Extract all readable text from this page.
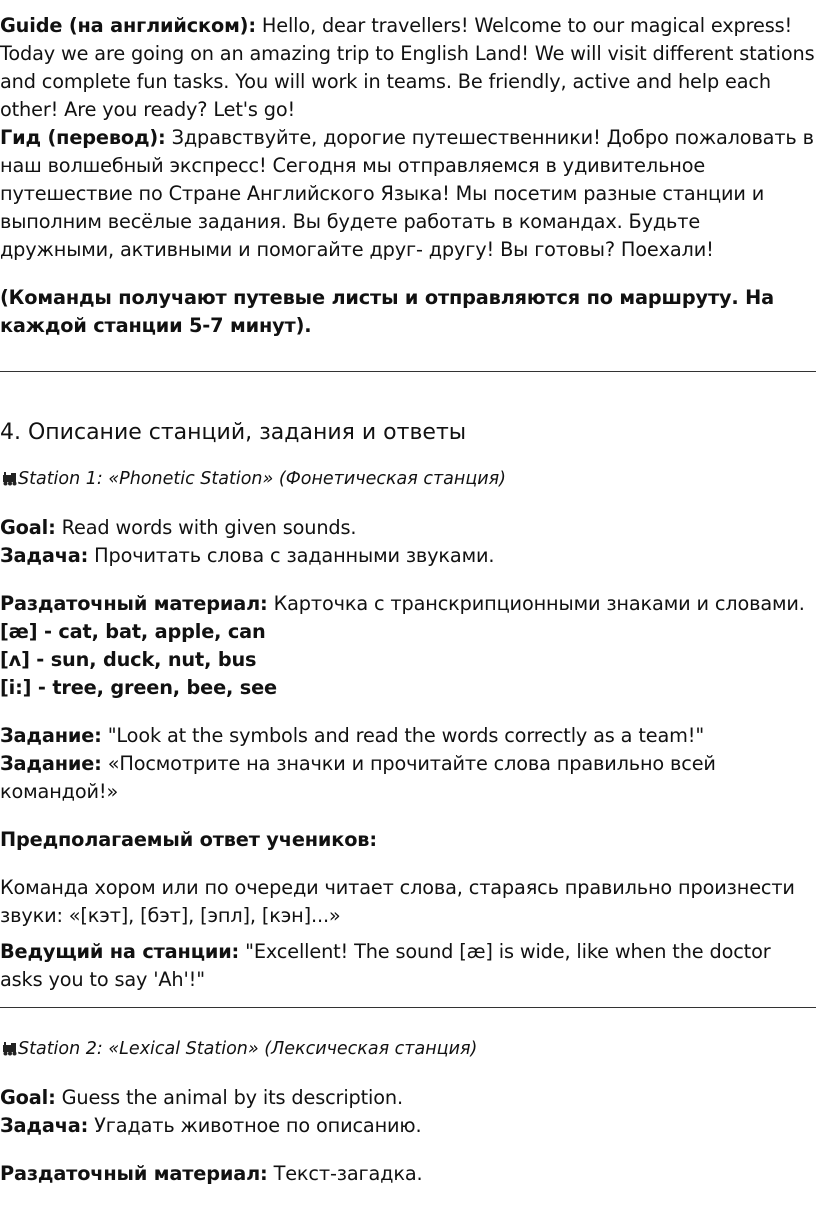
Guide (на английском): Hello, dear travellers! Welcome to our magical express! Today we are going on an amazing trip to English Land! We will visit different stations and complete fun tasks. You will work in teams. Be friendly, active and help each other! Are you ready? Let's go!

Гид (перевод): Здравствуйте, дорогие путешественники! Добро пожаловать в наш волшебный экспресс! Сегодня мы отправляемся в удивительное путешествие по Стране Английского Языка! Мы посетим разные станции и выполним весёлые задания. Вы будете работать в командах. Будьте дружными, активными и помогайте друг- другу! Вы готовы? Поехали!

(Команды получают путевые листы и отправляются по маршруту. На каждой станции 5-7 минут).

4. Описание станций, задания и ответы

Station 1: «Phonetic Station» (Фонетическая станция)

Goal: Read words with given sounds.

Задача: Прочитать слова с заданными звуками.

Раздаточный материал: Карточка с транскрипционными знаками и словами.

[æ] - cat, bat, apple, can

[ʌ] - sun, duck, nut, bus

[i:] - tree, green, bee, see

Задание: "Look at the symbols and read the words correctly as a team!"

Задание: «Посмотрите на значки и прочитайте слова правильно всей командой!»

Предполагаемый ответ учеников:

Команда хором или по очереди читает слова, стараясь правильно произнести звуки: «[кэт], [бэт], [эпл], [кэн]...»

Ведущий на станции: "Excellent! The sound [æ] is wide, like when the doctor asks you to say 'Ah'!"

Station 2: «Lexical Station» (Лексическая станция)

Goal: Guess the animal by its description.

Задача: Угадать животное по описанию.

Раздаточный материал: Текст-загадка.
